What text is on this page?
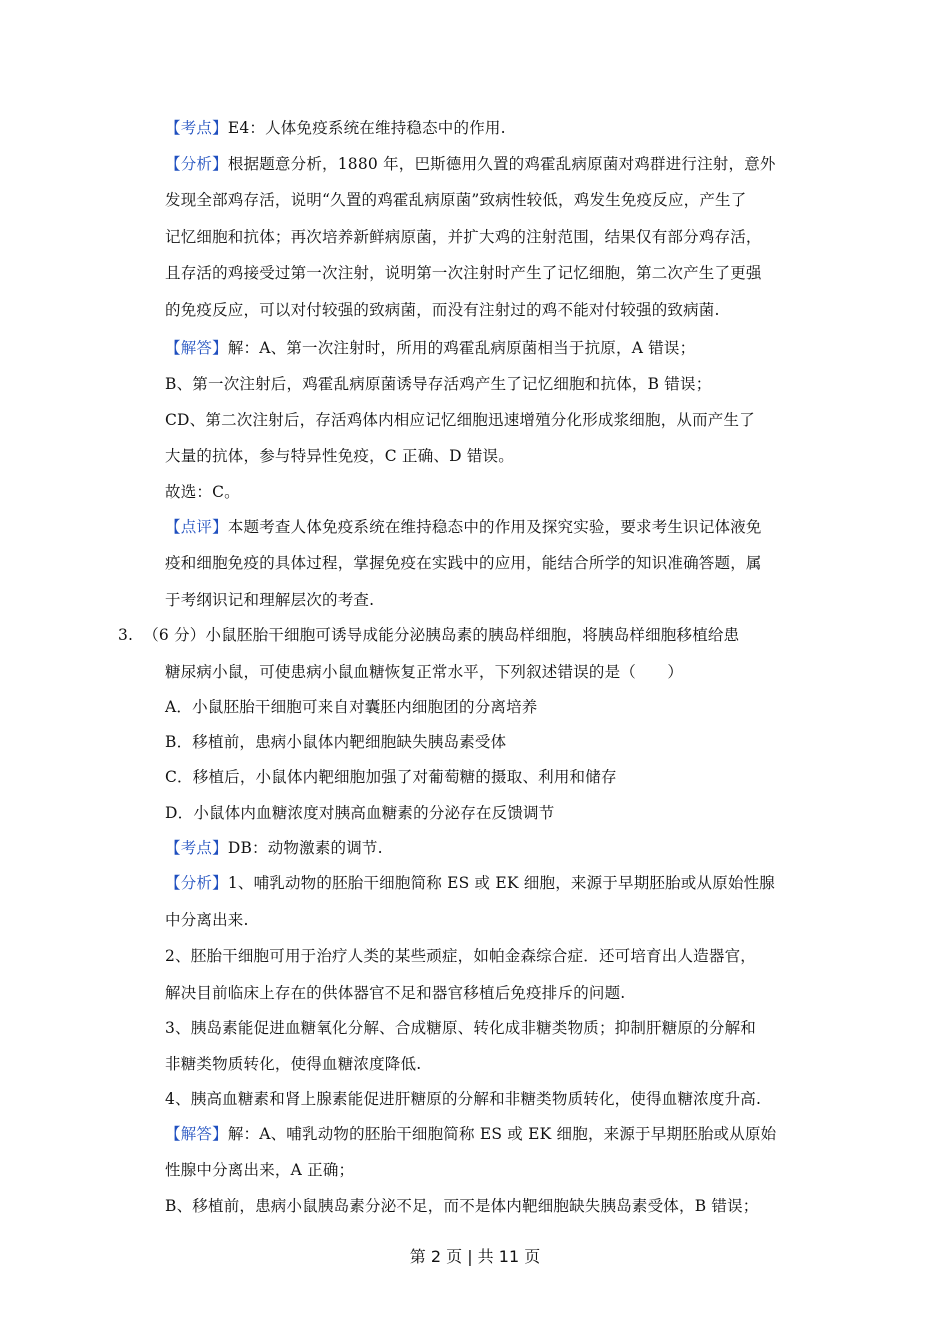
【考点】E4：人体免疫系统在维持稳态中的作用.
【分析】根据题意分析，1880 年，巴斯德用久置的鸡霍乱病原菌对鸡群进行注射，意外
发现全部鸡存活，说明“久置的鸡霍乱病原菌”致病性较低，鸡发生免疫反应，产生了
记忆细胞和抗体；再次培养新鲜病原菌，并扩大鸡的注射范围，结果仅有部分鸡存活，
且存活的鸡接受过第一次注射，说明第一次注射时产生了记忆细胞，第二次产生了更强
的免疫反应，可以对付较强的致病菌，而没有注射过的鸡不能对付较强的致病菌.
【解答】解：A、第一次注射时，所用的鸡霍乱病原菌相当于抗原，A 错误；
B、第一次注射后，鸡霍乱病原菌诱导存活鸡产生了记忆细胞和抗体，B 错误；
CD、第二次注射后，存活鸡体内相应记忆细胞迅速增殖分化形成浆细胞，从而产生了
大量的抗体，参与特异性免疫，C 正确、D 错误。
故选：C。
【点评】本题考查人体免疫系统在维持稳态中的作用及探究实验，要求考生识记体液免
疫和细胞免疫的具体过程，掌握免疫在实践中的应用，能结合所学的知识准确答题，属
于考纲识记和理解层次的考查.
3. （6 分）小鼠胚胎干细胞可诱导成能分泌胰岛素的胰岛样细胞，将胰岛样细胞移植给患
糖尿病小鼠，可使患病小鼠血糖恢复正常水平，下列叙述错误的是（　　）
A．小鼠胚胎干细胞可来自对囊胚内细胞团的分离培养
B．移植前，患病小鼠体内靶细胞缺失胰岛素受体
C．移植后，小鼠体内靶细胞加强了对葡萄糖的摄取、利用和储存
D．小鼠体内血糖浓度对胰高血糖素的分泌存在反馈调节
【考点】DB：动物激素的调节.
【分析】1、哺乳动物的胚胎干细胞简称 ES 或 EK 细胞，来源于早期胚胎或从原始性腺
中分离出来.
2、胚胎干细胞可用于治疗人类的某些顽症，如帕金森综合症．还可培育出人造器官，
解决目前临床上存在的供体器官不足和器官移植后免疫排斥的问题.
3、胰岛素能促进血糖氧化分解、合成糖原、转化成非糖类物质；抑制肝糖原的分解和
非糖类物质转化，使得血糖浓度降低.
4、胰高血糖素和肾上腺素能促进肝糖原的分解和非糖类物质转化，使得血糖浓度升高.
【解答】解：A、哺乳动物的胚胎干细胞简称 ES 或 EK 细胞，来源于早期胚胎或从原始
性腺中分离出来，A 正确；
B、移植前，患病小鼠胰岛素分泌不足，而不是体内靶细胞缺失胰岛素受体，B 错误；
第 2 页 | 共 11 页
